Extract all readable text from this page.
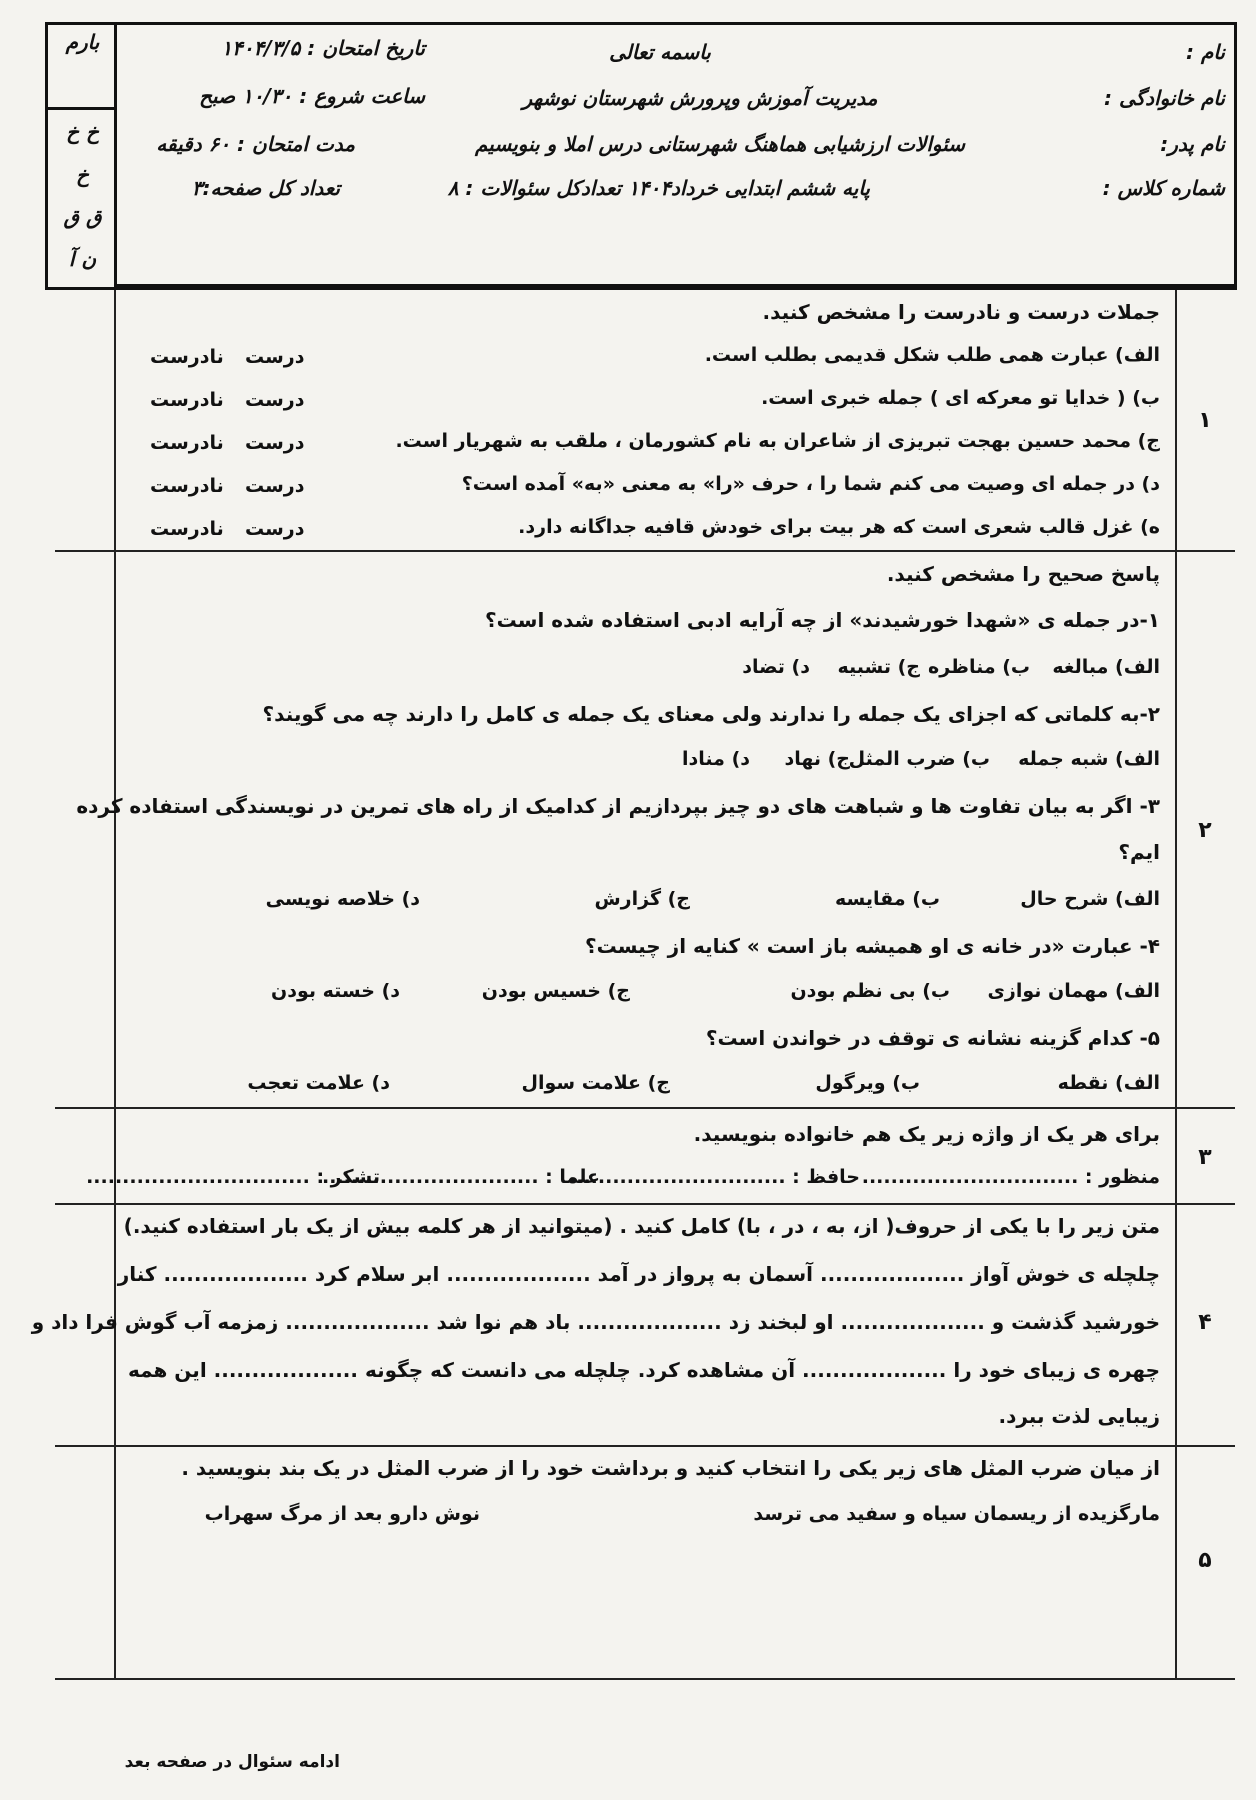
بارم
خ خ
خ
ق ق
ن آ
نام :
نام خانوادگی :
نام پدر:
شماره کلاس :
باسمه تعالی
مدیریت آموزش وپرورش شهرستان نوشهر
سئوالات ارزشیابی هماهنگ شهرستانی درس املا و بنویسیم
پایه ششم ابتدایی خرداد۱۴۰۴ تعدادکل سئوالات : ۸
تاریخ امتحان : ۱۴۰۴/۳/۵
ساعت شروع : ۱۰/۳۰ صبح
مدت امتحان : ۶۰ دقیقه
تعداد کل صفحه:۳
۱
۲
۳
۴
۵
جملات درست و نادرست را مشخص کنید.
الف) عبارت همی طلب شکل قدیمی بطلب است.
درست
نادرست
ب) ( خدایا تو معرکه ای ) جمله خبری است.
درست
نادرست
ج) محمد حسین بهجت تبریزی از شاعران به نام کشورمان ، ملقب به شهریار است.
درست
نادرست
د) در جمله ای وصیت می کنم شما را ، حرف «را» به معنی «به» آمده است؟
درست
نادرست
ه) غزل قالب شعری است که هر بیت برای خودش قافیه جداگانه دارد.
درست
نادرست
پاسخ صحیح را مشخص کنید.
۱-در جمله ی «شهدا خورشیدند» از چه آرایه ادبی استفاده شده است؟
الف) مبالغه
ب) مناظره
ج) تشبیه
د) تضاد
۲-به کلماتی که اجزای یک جمله را ندارند ولی معنای یک جمله ی کامل را دارند چه می گویند؟
الف) شبه جمله
ب) ضرب المثل
ج) نهاد
د) منادا
۳- اگر به بیان تفاوت ها و شباهت های دو چیز بپردازیم از کدامیک از راه های تمرین در نویسندگی استفاده کرده
ایم؟
الف) شرح حال
ب) مقایسه
ج) گزارش
د) خلاصه نویسی
۴- عبارت «در خانه ی او همیشه باز است » کنایه از چیست؟
الف) مهمان نوازی
ب) بی نظم بودن
ج) خسیس بودن
د) خسته بودن
۵- کدام گزینه نشانه ی توقف در خواندن است؟
الف) نقطه
ب) ویرگول
ج) علامت سوال
د) علامت تعجب
برای هر یک از واژه زیر یک هم خانواده بنویسید.
منظور : ..............................
حافظ : ..............................
علما : ..............................
تشکر : ...............................
متن زیر را با یکی از حروف( از، به ، در ، با) کامل کنید . (میتوانید از هر کلمه بیش از یک بار استفاده کنید.)
چلچله ی خوش آواز ................... آسمان به پرواز در آمد ................... ابر سلام کرد ................... کنار
خورشید گذشت و ................... او لبخند زد ................... باد هم نوا شد ................... زمزمه آب گوش فرا داد و
چهره ی زیبای خود را ................... آن مشاهده کرد. چلچله می دانست که چگونه ................... این همه
زیبایی لذت ببرد.
از میان ضرب المثل های زیر یکی را انتخاب کنید و برداشت خود را از ضرب المثل در یک بند بنویسید .
مارگزیده از ریسمان سیاه و سفید می ترسد
نوش دارو بعد از مرگ سهراب
ادامه سئوال در صفحه بعد
